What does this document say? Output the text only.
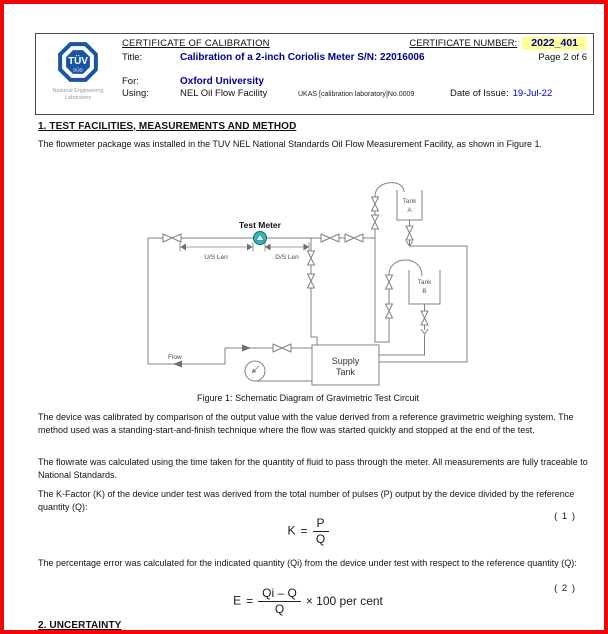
TÜV
SÜD
National Engineering
Laboratory
CERTIFICATE OF CALIBRATION	CERTIFICATE NUMBER:	2022_401
Title:	Calibration of a 2-inch Coriolis Meter S/N: 22016006	Page 2 of 6
For:	Oxford University
Using:	NEL Oil Flow Facility	UKAS [calibration laboratory]No.0009	Date of Issue: 19-Jul-22
1. TEST FACILITIES, MEASUREMENTS AND METHOD
The flowmeter package was installed in the TUV NEL National Standards Oil Flow Measurement Facility, as shown in Figure 1.
Test Meter
U/S Len	D/S Len
Tank
A
Tank
B
Supply
Tank
Flow
Figure 1: Schematic Diagram of Gravimetric Test Circuit
The device was calibrated by comparison of the output value with the value derived from a reference gravimetric weighing system. The method used was a standing-start-and-finish technique where the flow was started quickly and stopped at the end of the test.
The flowrate was calculated using the time taken for the quantity of fluid to pass through the meter. All measurements are fully traceable to National Standards.
The K-Factor (K) of the device under test was derived from the total number of pulses (P) output by the device divided by the reference quantity (Q):
$K = \frac{P}{Q}$
( 1 )
The percentage error was calculated for the indicated quantity (Qi) from the device under test with respect to the reference quantity (Q):
$E = \frac{Qi - Q}{Q} \times 100$ per cent
( 2 )
2. UNCERTAINTY
